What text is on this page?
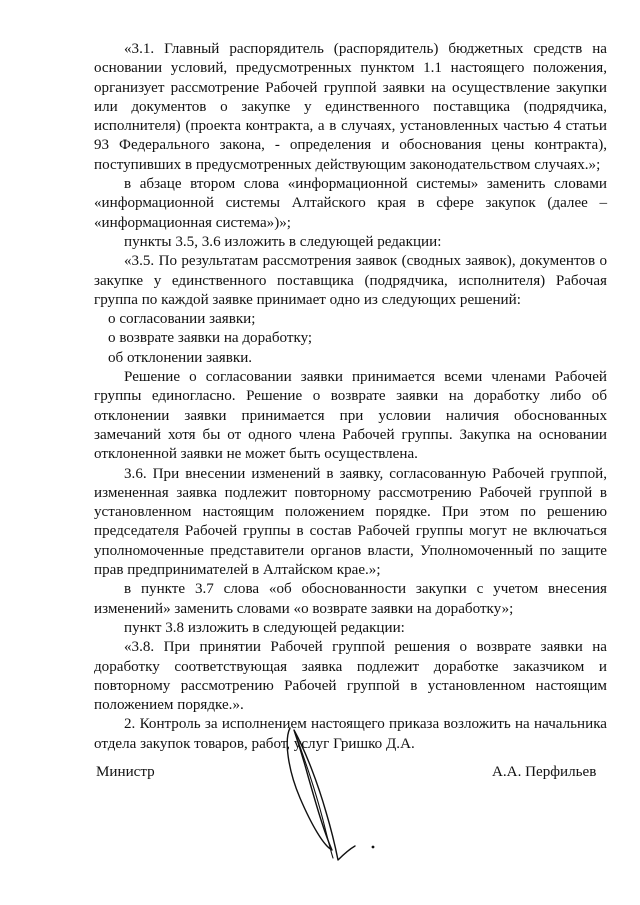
«3.1. Главный распорядитель (распорядитель) бюджетных средств на основании условий, предусмотренных пунктом 1.1 настоящего положения, организует рассмотрение Рабочей группой заявки на осуществление закупки или документов о закупке у единственного поставщика (подрядчика, исполнителя) (проекта контракта, а в случаях, установленных частью 4 статьи 93 Федерального закона, - определения и обоснования цены контракта), поступивших в предусмотренных действующим законодательством случаях.»;

в абзаце втором слова «информационной системы» заменить словами «информационной системы Алтайского края в сфере закупок (далее – «информационная система»)»;

пункты 3.5, 3.6 изложить в следующей редакции:

«3.5. По результатам рассмотрения заявок (сводных заявок), документов о закупке у единственного поставщика (подрядчика, исполнителя) Рабочая группа по каждой заявке принимает одно из следующих решений:

о согласовании заявки;

о возврате заявки на доработку;

об отклонении заявки.

Решение о согласовании заявки принимается всеми членами Рабочей группы единогласно. Решение о возврате заявки на доработку либо об отклонении заявки принимается при условии наличия обоснованных замечаний хотя бы от одного члена Рабочей группы. Закупка на основании отклоненной заявки не может быть осуществлена.

3.6. При внесении изменений в заявку, согласованную Рабочей группой, измененная заявка подлежит повторному рассмотрению Рабочей группой в установленном настоящим положением порядке. При этом по решению председателя Рабочей группы в состав Рабочей группы могут не включаться уполномоченные представители органов власти, Уполномоченный по защите прав предпринимателей в Алтайском крае.»;

в пункте 3.7 слова «об обоснованности закупки с учетом внесения изменений» заменить словами «о возврате заявки на доработку»;

пункт 3.8 изложить в следующей редакции:

«3.8. При принятии Рабочей группой решения о возврате заявки на доработку соответствующая заявка подлежит доработке заказчиком и повторному рассмотрению Рабочей группой в установленном настоящим положением порядке.».

2. Контроль за исполнением настоящего приказа возложить на начальника отдела закупок товаров, работ, услуг Гришко Д.А.

Министр	А.А. Перфильев
